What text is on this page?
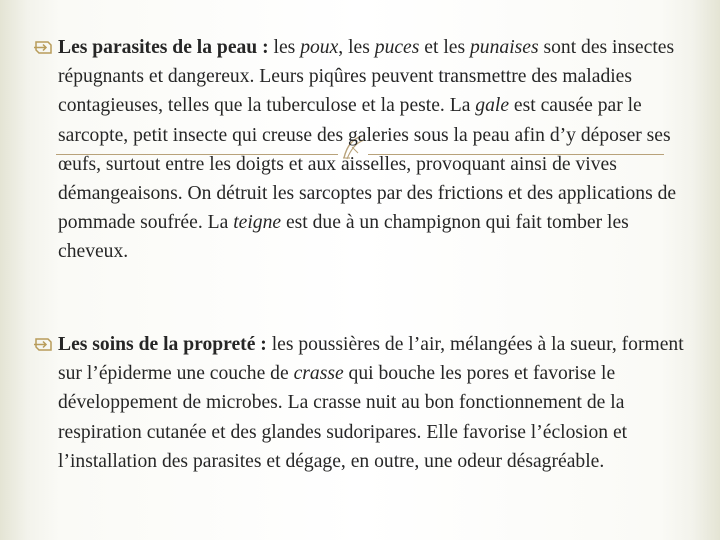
Les parasites de la peau : les poux, les puces et les punaises sont des insectes répugnants et dangereux. Leurs piqûres peuvent transmettre des maladies contagieuses, telles que la tuberculose et la peste. La gale est causée par le sarcopte, petit insecte qui creuse des galeries sous la peau afin d’y déposer ses œufs, surtout entre les doigts et aux aisselles, provoquant ainsi de vives démangeaisons. On détruit les sarcoptes par des frictions et des applications de pommade soufrée. La teigne est due à un champignon qui fait tomber les cheveux.

Les soins de la propreté : les poussières de l’air, mélangées à la sueur, forment sur l’épiderme une couche de crasse qui bouche les pores et favorise le développement de microbes. La crasse nuit au bon fonctionnement de la respiration cutanée et des glandes sudoripares. Elle favorise l’éclosion et l’installation des parasites et dégage, en outre, une odeur désagréable.
